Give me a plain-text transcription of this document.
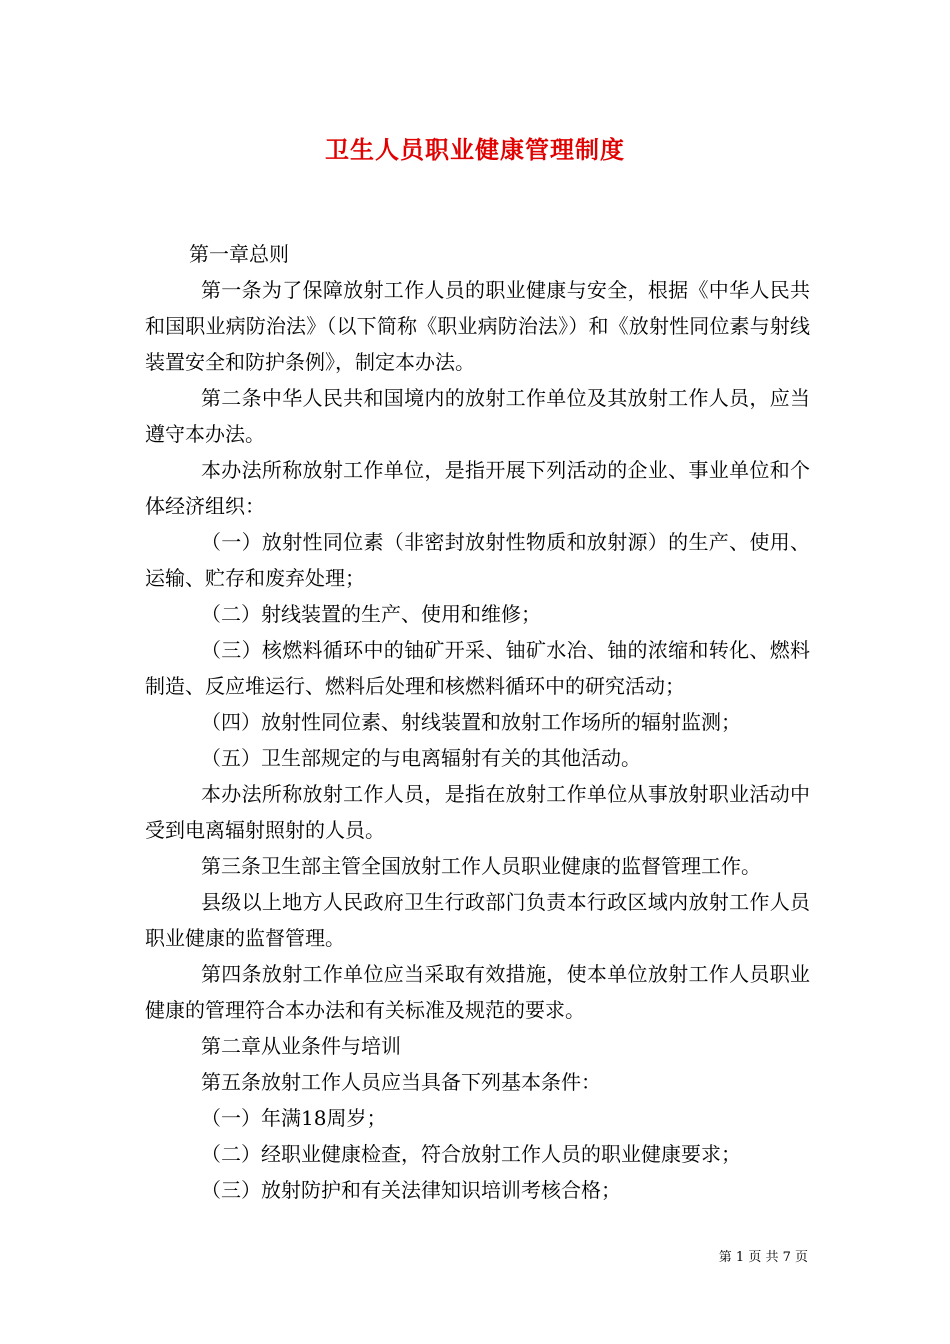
卫生人员职业健康管理制度

第一章总则

第一条为了保障放射工作人员的职业健康与安全，根据《中华人民共和国职业病防治法》（以下简称《职业病防治法》）和《放射性同位素与射线装置安全和防护条例》，制定本办法。

第二条中华人民共和国境内的放射工作单位及其放射工作人员，应当遵守本办法。

本办法所称放射工作单位，是指开展下列活动的企业、事业单位和个体经济组织：

（一）放射性同位素（非密封放射性物质和放射源）的生产、使用、运输、贮存和废弃处理；

（二）射线装置的生产、使用和维修；

（三）核燃料循环中的铀矿开采、铀矿水冶、铀的浓缩和转化、燃料制造、反应堆运行、燃料后处理和核燃料循环中的研究活动；

（四）放射性同位素、射线装置和放射工作场所的辐射监测；

（五）卫生部规定的与电离辐射有关的其他活动。

本办法所称放射工作人员，是指在放射工作单位从事放射职业活动中受到电离辐射照射的人员。

第三条卫生部主管全国放射工作人员职业健康的监督管理工作。

县级以上地方人民政府卫生行政部门负责本行政区域内放射工作人员职业健康的监督管理。

第四条放射工作单位应当采取有效措施，使本单位放射工作人员职业健康的管理符合本办法和有关标准及规范的要求。

第二章从业条件与培训

第五条放射工作人员应当具备下列基本条件：

（一）年满18周岁；

（二）经职业健康检查，符合放射工作人员的职业健康要求；

（三）放射防护和有关法律知识培训考核合格；

第 1 页 共 7 页
